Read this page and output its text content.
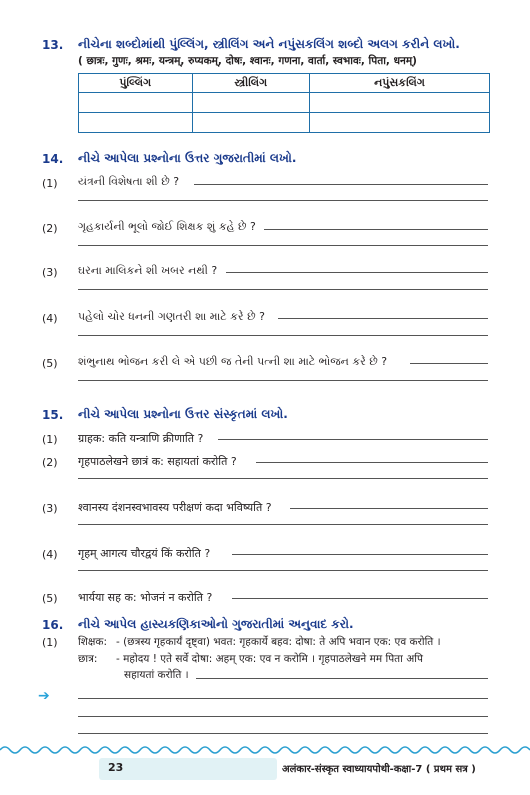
13. નીચેના શબ્દોમાંથી પુંલ્લિંગ, સ્ત્રીલિંગ અને નપુંસકલિંગ શબ્દો અલગ કરીને લખો.
( छात्रः, गुणः, श्रमः, यन्त्रम्, रुप्यकम्, दोषः, श्वानः, गणना, वार्ता, स्वभावः, पिता, धनम्)
પુંલ્લિંગ	સ્ત્રીલિંગ	નપુંસકલિંગ

14. નીચે આપેલા પ્રશ્નોના ઉત્તર ગુજરાતીમાં લખો.
(1) યંત્રની વિશેષતા શી છે ?
(2) ગૃહકાર્યની ભૂલો જોઈ શિક્ષક શું કહે છે ?
(3) ઘરના માલિકને શી ખબર નથી ?
(4) પહેલો ચોર ધનની ગણતરી શા માટે કરે છે ?
(5) શંભુનાથ ભોજન કરી લે એ પછી જ તેની પત્ની શા માટે ભોજન કરે છે ?
15. નીચે આપેલા પ્રશ્નોના ઉત્તર સંસ્કૃતમાં લખો.
(1) ग्राहक: कति यन्त्राणि क्रीणाति ?
(2) गृहपाठलेखने छात्रं क: सहायतां करोति ?
(3) श्वानस्य दंशनस्वभावस्य परीक्षणं कदा भविष्यति ?
(4) गृहम् आगत्य चौरद्वयं किं करोति ?
(5) भार्यया सह क: भोजनं न करोति ?
16. નીચે આપેલ હાસ્યકણિકાઓનો ગુજરાતીમાં અનુવાદ કરો.
(1) शिक्षक: - (छत्रस्य गृहकार्यं दृष्ट्वा) भवत: गृहकार्ये बहव: दोषा: ते अपि भवान एक: एव करोति ।
छात्र: - महोदय ! एते सर्वे दोषा: अहम् एक: एव न करोमि । गृहपाठलेखने मम पिता अपि
सहायतां करोति ।
➔
23	अलंकार-संस्कृत स्वाध्यायपोथी-कक्षा-7 ( प्रथम सत्र )
